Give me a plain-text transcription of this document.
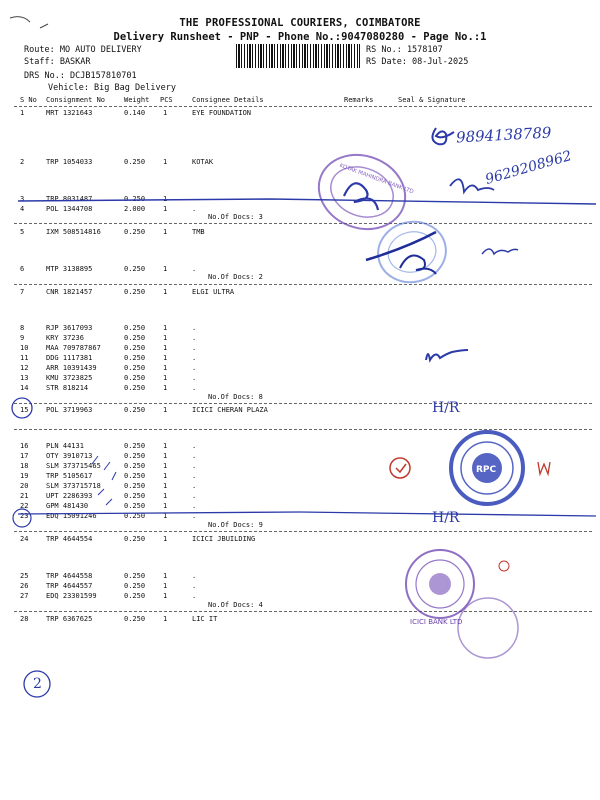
THE PROFESSIONAL COURIERS, COIMBATORE
Delivery Runsheet - PNP - Phone No.:9047080280 - Page No.:1
Route: MO AUTO DELIVERY
Staff: BASKAR
DRS No.: DCJB157810701
Vehicle: Big Bag Delivery
RS No.: 1578107
RS Date: 08-Jul-2025
S No Consignment No	Weight PCS	Consignee Details	Remarks	Seal & Signature
1	MRT 1321643	0.140	1	EYE FOUNDATION
2	TRP 1054033	0.250	1	KOTAK
3	TRP 8031487	0.250	1
4	POL 1344708	2.000	1	.
5	IXM 508514816	0.250	1	TMB
6	MTP 3138895	0.250	1	.
7	CNR 1821457	0.250	1	ELGI ULTRA
8	RJP 3617093	0.250	1	.
9	KRY 37236	0.250	1	.
10	MAA 709787867	0.250	1	.
11	DDG 1117381	0.250	1	.
12	ARR 10391439	0.250	1	.
13	KMU 3723825	0.250	1	.
14	STR 818214	0.250	1	.
15	POL 3719963	0.250	1	ICICI CHERAN PLAZA
16	PLN 44131	0.250	1	.
17	OTY 3910713	0.250	1	.
18	SLM 373715465	0.250	1	.
19	TRP 5105617	0.250	1	.
20	SLM 373715718	0.250	1	.
21	UPT 2286393	0.250	1	.
22	GPM 481430	0.250	1	.
23	EDQ 15091246	0.250	1	.
24	TRP 4644554	0.250	1	ICICI JBUILDING
25	TRP 4644558	0.250	1	.
26	TRP 4644557	0.250	1	.
27	EDQ 23301599	0.250	1	.
28	TRP 6367625	0.250	1	LIC IT
No.Of Docs: 3
No.Of Docs: 2
No.Of Docs: 8
No.Of Docs: 9
No.Of Docs: 4
9894138789
9629208962
H/R
H/R
2
RPC
ICICI BANK LTD
KOTAK MAHINDRA BANK LTD
